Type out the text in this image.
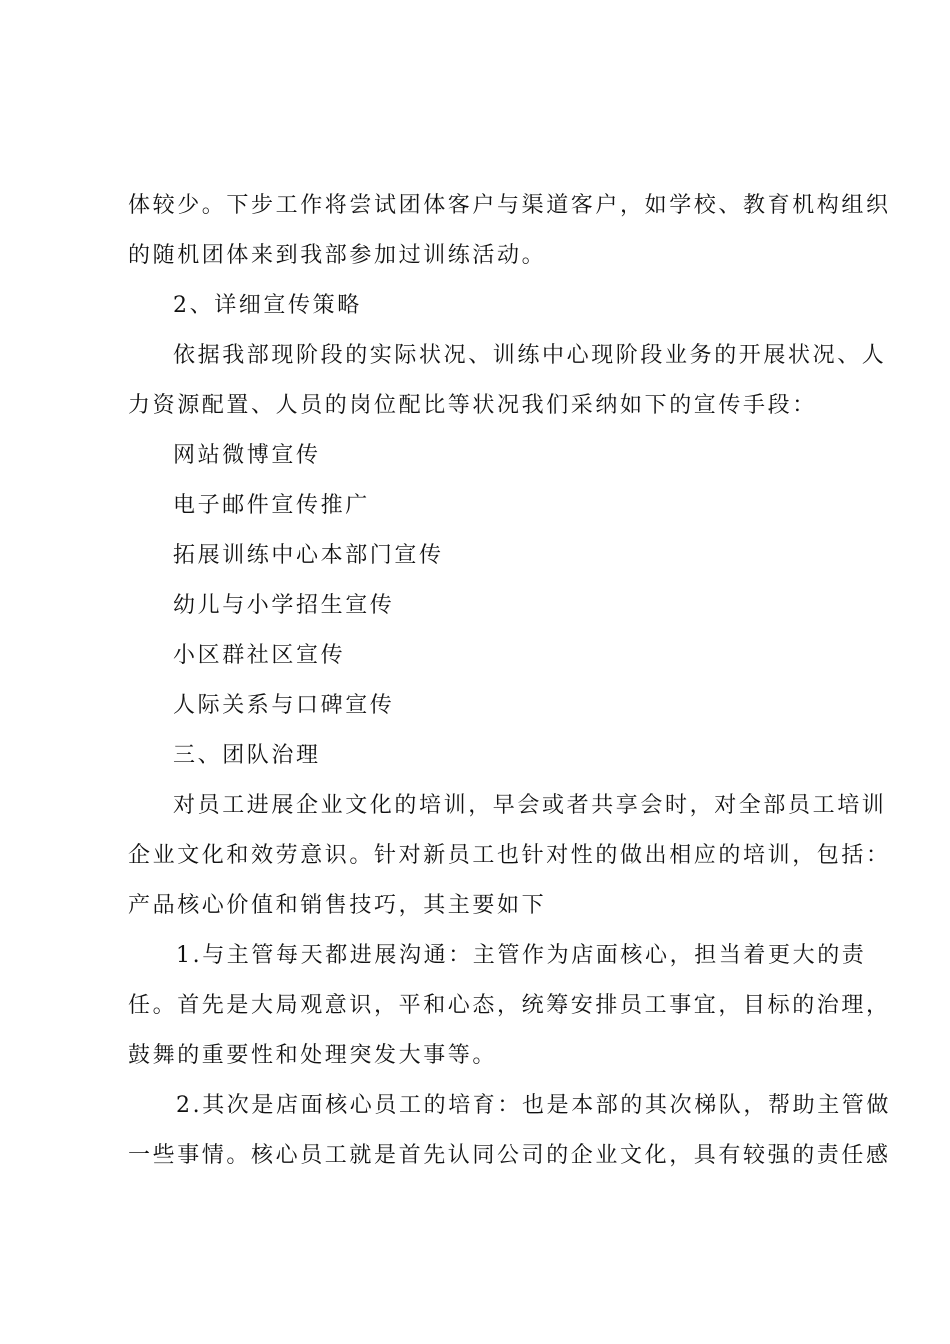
体较少。下步工作将尝试团体客户与渠道客户，如学校、教育机构组织
的随机团体来到我部参加过训练活动。
2、详细宣传策略
依据我部现阶段的实际状况、训练中心现阶段业务的开展状况、人
力资源配置、人员的岗位配比等状况我们采纳如下的宣传手段：
网站微博宣传
电子邮件宣传推广
拓展训练中心本部门宣传
幼儿与小学招生宣传
小区群社区宣传
人际关系与口碑宣传
三、团队治理
对员工进展企业文化的培训，早会或者共享会时，对全部员工培训
企业文化和效劳意识。针对新员工也针对性的做出相应的培训，包括：
产品核心价值和销售技巧，其主要如下
1.与主管每天都进展沟通：主管作为店面核心，担当着更大的责
任。首先是大局观意识，平和心态，统筹安排员工事宜，目标的治理，
鼓舞的重要性和处理突发大事等。
2.其次是店面核心员工的培育：也是本部的其次梯队，帮助主管做
一些事情。核心员工就是首先认同公司的企业文化，具有较强的责任感
